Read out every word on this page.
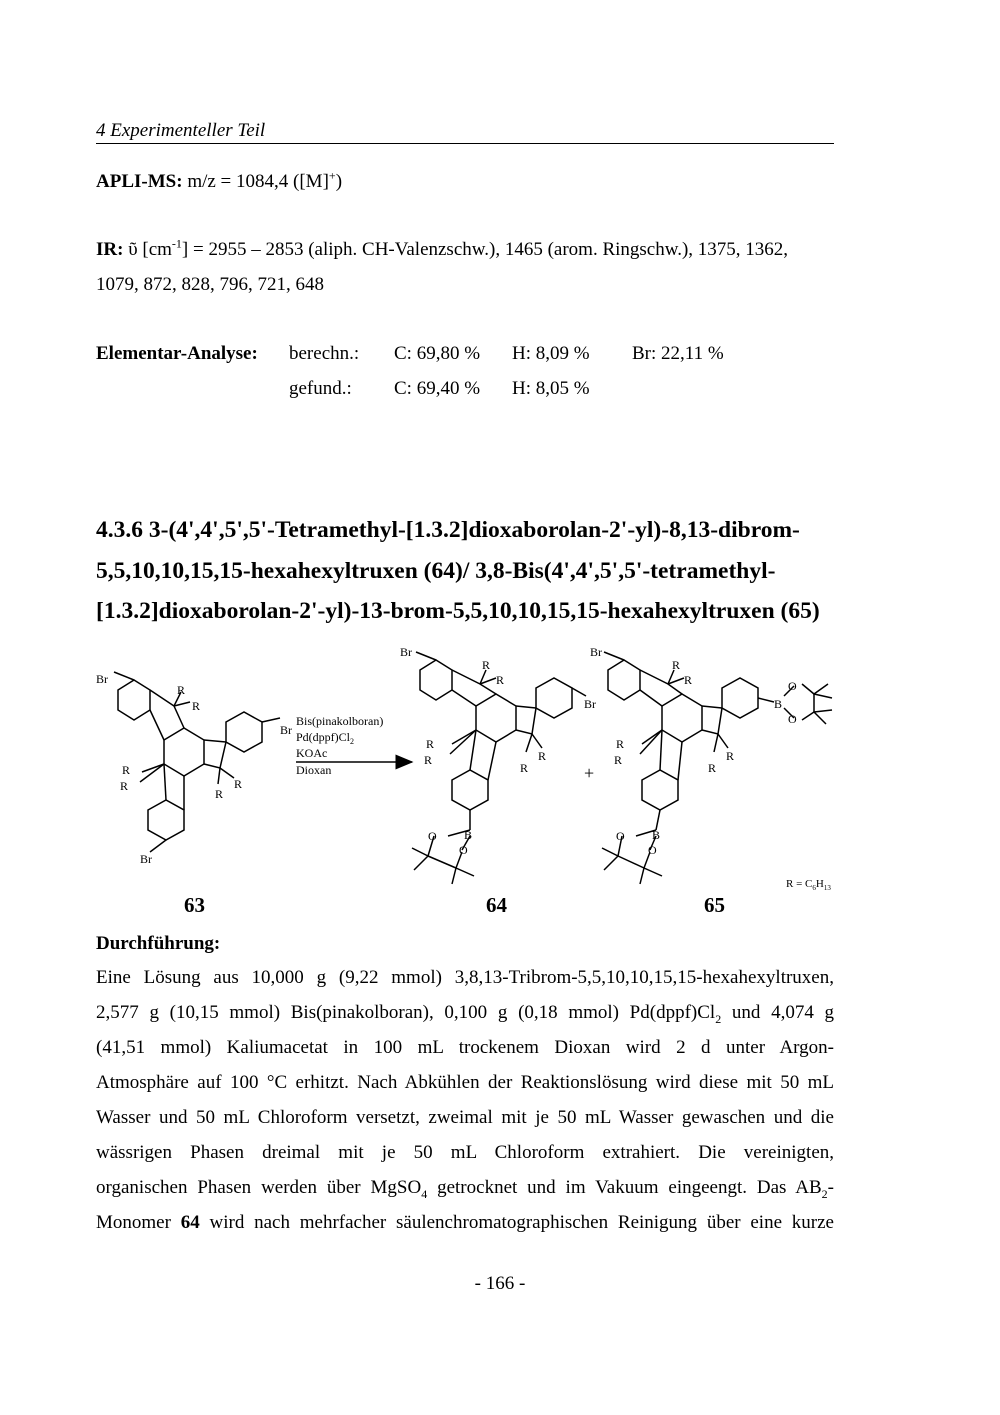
4 Experimenteller Teil
APLI-MS: m/z = 1084,4 ([M]+)
IR: ῦ $[cm^{-1}] = 2955 - 2853$ (aliph. CH-Valenzschw.), 1465 (arom. Ringschw.), 1375, 1362,
1079, 872, 828, 796, 721, 648
Elementar-Analyse: berechn.: C: 69,80 % H: 8,09 % Br: 22,11 %
gefund.: C: 69,40 % H: 8,05 %
4.3.6 3-(4',4',5',5'-Tetramethyl-[1.3.2]dioxaborolan-2'-yl)-8,13-dibrom-
5,5,10,10,15,15-hexahexyltruxen (64)/ 3,8-Bis(4',4',5',5'-tetramethyl-
[1.3.2]dioxaborolan-2'-yl)-13-brom-5,5,10,10,15,15-hexahexyltruxen (65)
Br
Br
Br
R
R
R
R	R
R
Bis(pinakolboran)
$Pd(dppf)Cl_2$
KOAc
Dioxan
Br
Br
R
R
R
R	R
R
B
O
O
+
Br
B
O
O
R
R
R
R	R
R
B
O
O
$R = C_6H_{13}$
63	64	65
Durchführung:

Eine Lösung aus 10,000 g (9,22 mmol) 3,8,13-Tribrom-5,5,10,10,15,15-hexahexyltruxen,

2,577 g (10,15 mmol) Bis(pinakolboran), 0,100 g (0,18 mmol) $Pd(dppf)Cl_2$ und 4,074 g

(41,51 mmol) Kaliumacetat in 100 mL trockenem Dioxan wird 2 d unter Argon-

Atmosphäre auf 100 °C erhitzt. Nach Abkühlen der Reaktionslösung wird diese mit 50 mL

Wasser und 50 mL Chloroform versetzt, zweimal mit je 50 mL Wasser gewaschen und die

wässrigen Phasen dreimal mit je 50 mL Chloroform extrahiert. Die vereinigten,

organischen Phasen werden über MgSO$_4$ getrocknet und im Vakuum eingeengt. Das $AB_2-$

Monomer 64 wird nach mehrfacher säulenchromatographischen Reinigung über eine kurze

- 166 -
